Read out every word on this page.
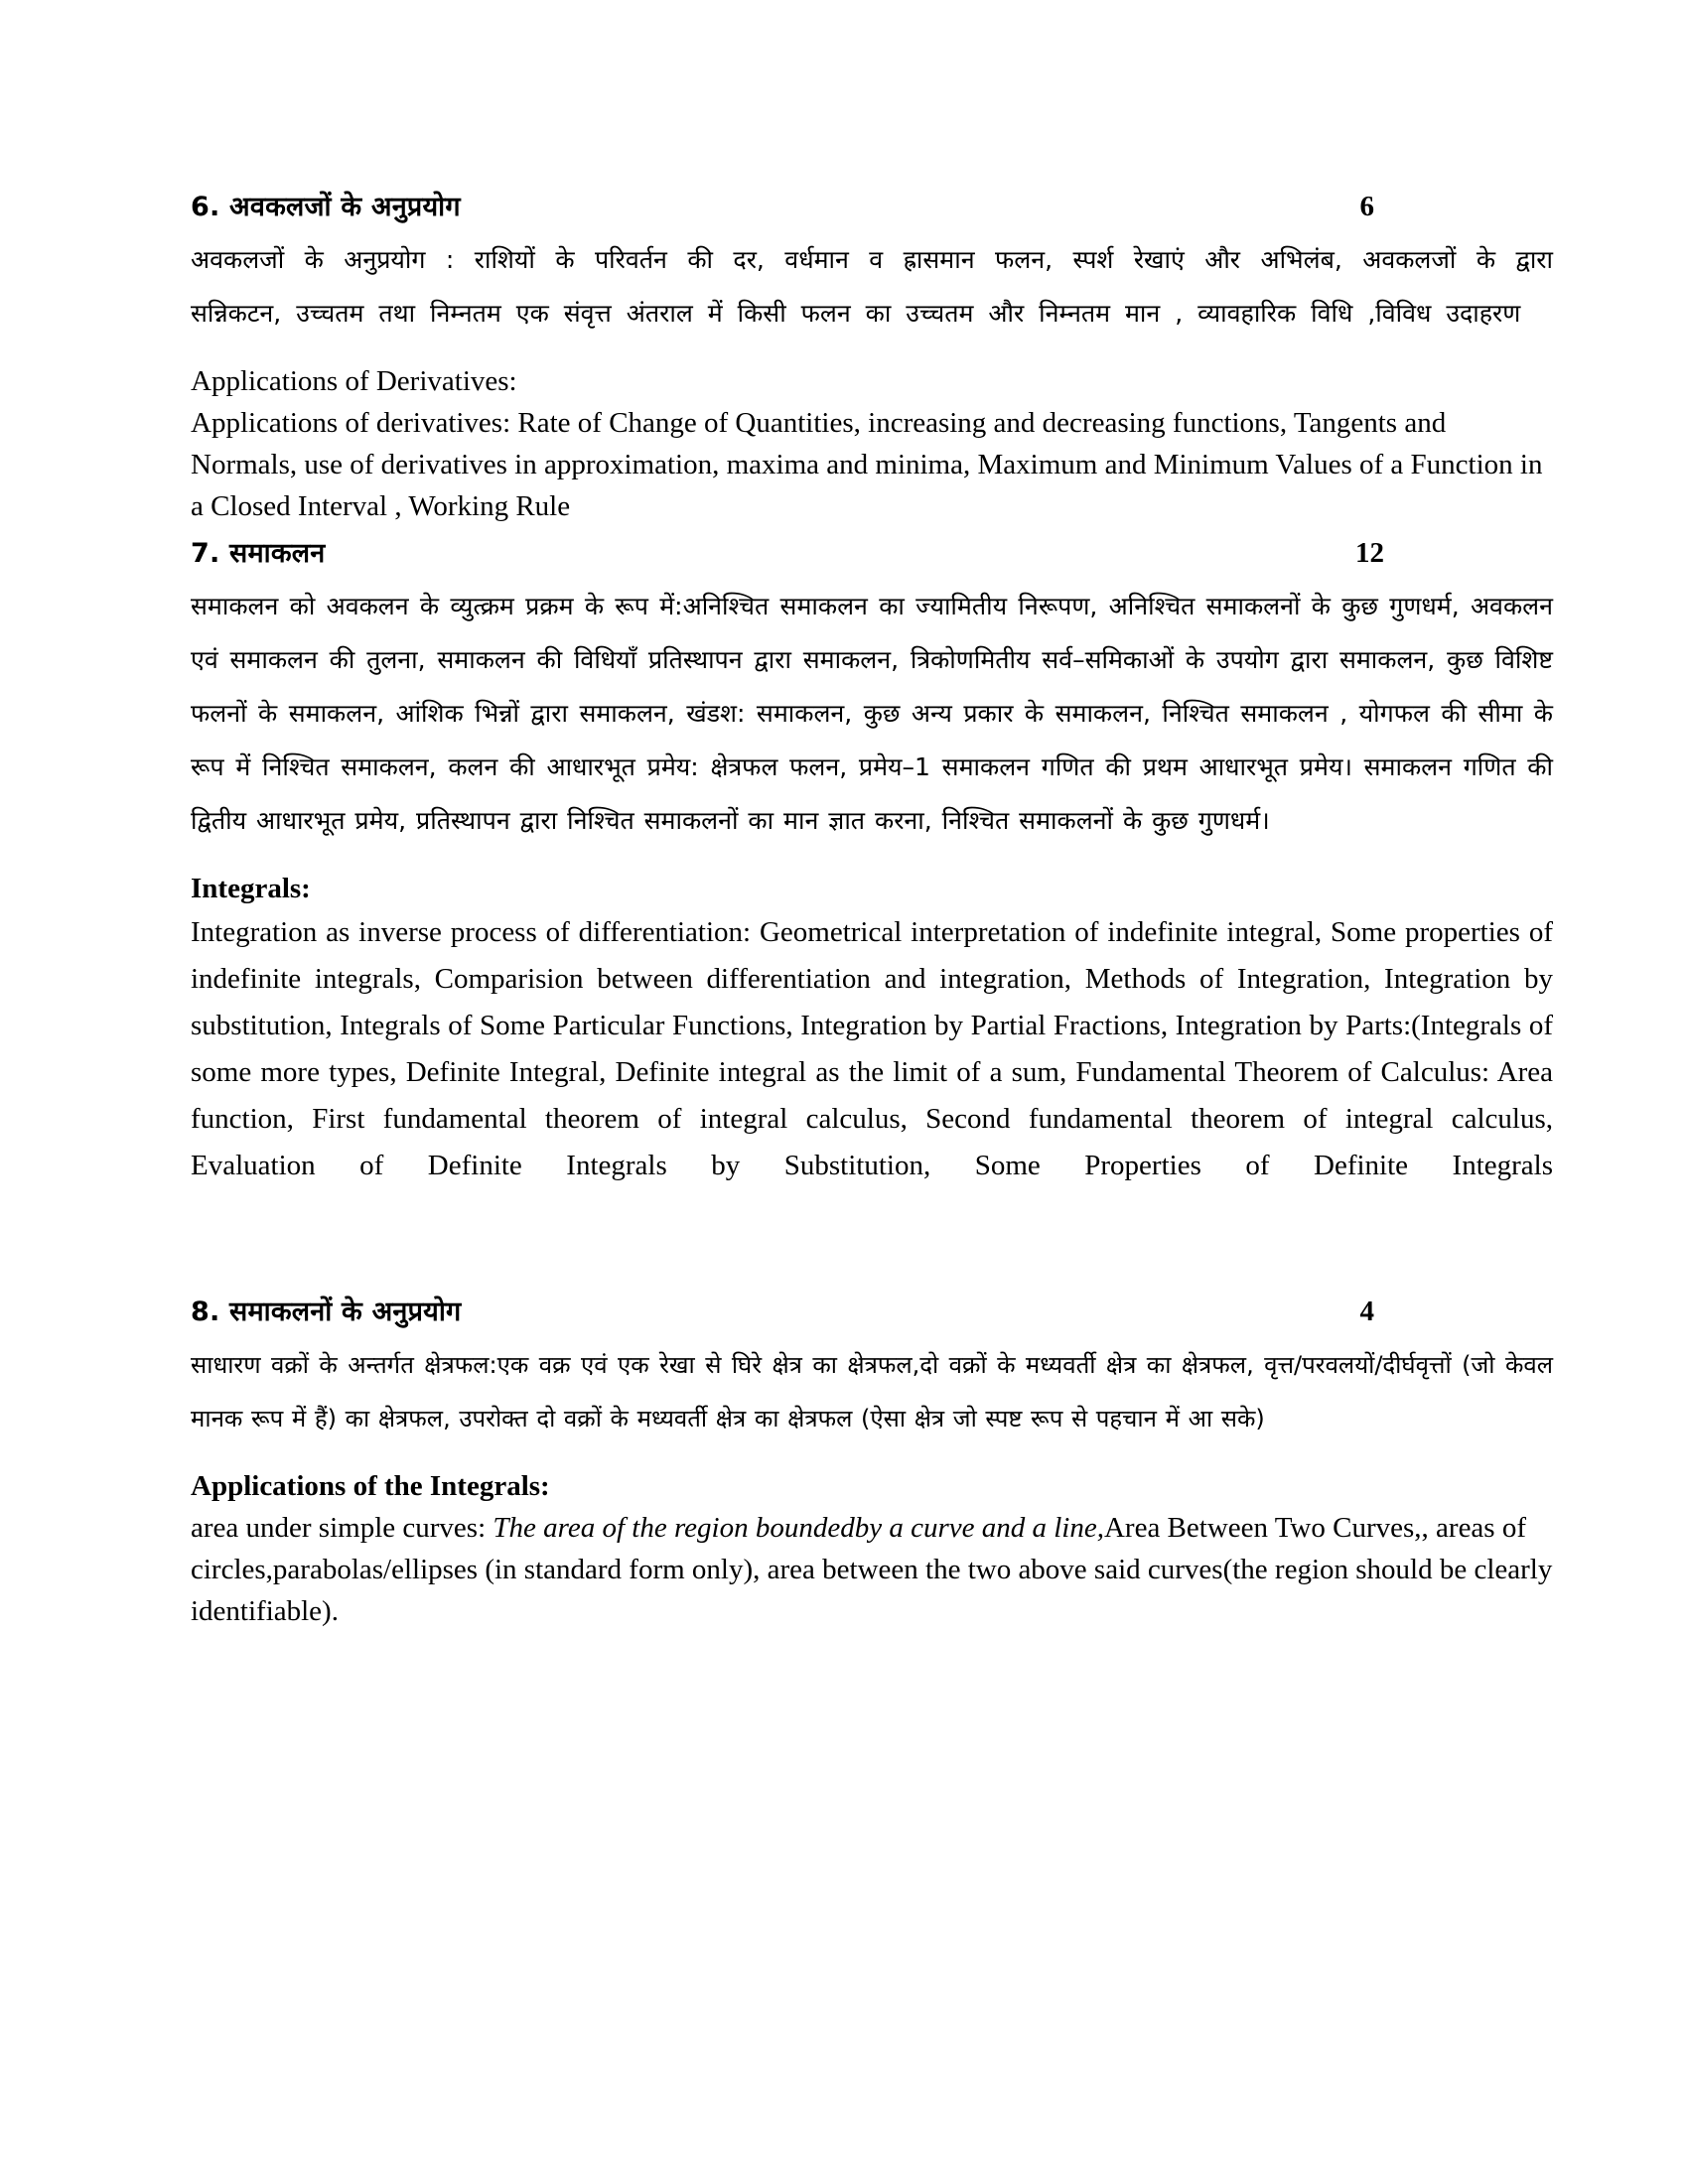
6. अवकलजों के अनुप्रयोग	6

अवकलजों के अनुप्रयोग : राशियों के परिवर्तन की दर, वर्धमान व ह्रासमान फलन, स्पर्श रेखाएं और अभिलंब, अवकलजों के द्वारा सन्निकटन, उच्चतम तथा निम्नतम एक संवृत्त अंतराल में किसी फलन का उच्चतम और निम्नतम मान , व्यावहारिक विधि ,विविध उदाहरण

Applications of Derivatives:

Applications of derivatives: Rate of Change of Quantities, increasing and decreasing functions, Tangents and Normals, use of derivatives in approximation, maxima and minima, Maximum and Minimum Values of a Function in a Closed Interval , Working Rule

7. समाकलन	12

समाकलन को अवकलन के व्युत्क्रम प्रक्रम के रूप में:अनिश्चित समाकलन का ज्यामितीय निरूपण, अनिश्चित समाकलनों के कुछ गुणधर्म, अवकलन एवं समाकलन की तुलना, समाकलन की विधियाँ प्रतिस्थापन द्वारा समाकलन, त्रिकोणमितीय सर्व–समिकाओं के उपयोग द्वारा समाकलन, कुछ विशिष्ट फलनों के समाकलन, आंशिक भिन्नों द्वारा समाकलन, खंडश: समाकलन, कुछ अन्य प्रकार के समाकलन, निश्चित समाकलन , योगफल की सीमा के रूप में निश्चित समाकलन, कलन की आधारभूत प्रमेय: क्षेत्रफल फलन, प्रमेय–1 समाकलन गणित की प्रथम आधारभूत प्रमेय। समाकलन गणित की द्वितीय आधारभूत प्रमेय, प्रतिस्थापन द्वारा निश्चित समाकलनों का मान ज्ञात करना, निश्चित समाकलनों के कुछ गुणधर्म।

Integrals:

Integration as inverse process of differentiation: Geometrical interpretation of indefinite integral, Some properties of indefinite integrals, Comparision between differentiation and integration, Methods of Integration, Integration by substitution, Integrals of Some Particular Functions, Integration by Partial Fractions, Integration by Parts:(Integrals of some more types, Definite Integral, Definite integral as the limit of a sum, Fundamental Theorem of Calculus: Area function, First fundamental theorem of integral calculus, Second fundamental theorem of integral calculus, Evaluation of Definite Integrals by Substitution, Some Properties of Definite Integrals

8. समाकलनों के अनुप्रयोग	4

साधारण वक्रों के अन्तर्गत क्षेत्रफल:एक वक्र एवं एक रेखा से घिरे क्षेत्र का क्षेत्रफल,दो वक्रों के मध्यवर्ती क्षेत्र का क्षेत्रफल, वृत्त/परवलयों/दीर्घवृत्तों (जो केवल मानक रूप में हैं) का क्षेत्रफल, उपरोक्त दो वक्रों के मध्यवर्ती क्षेत्र का क्षेत्रफल (ऐसा क्षेत्र जो स्पष्ट रूप से पहचान में आ सके)

Applications of the Integrals:

area under simple curves: The area of the region boundedby a curve and a line,Area Between Two Curves,, areas of circles,parabolas/ellipses (in standard form only), area between the two above said curves(the region should be clearly identifiable).
